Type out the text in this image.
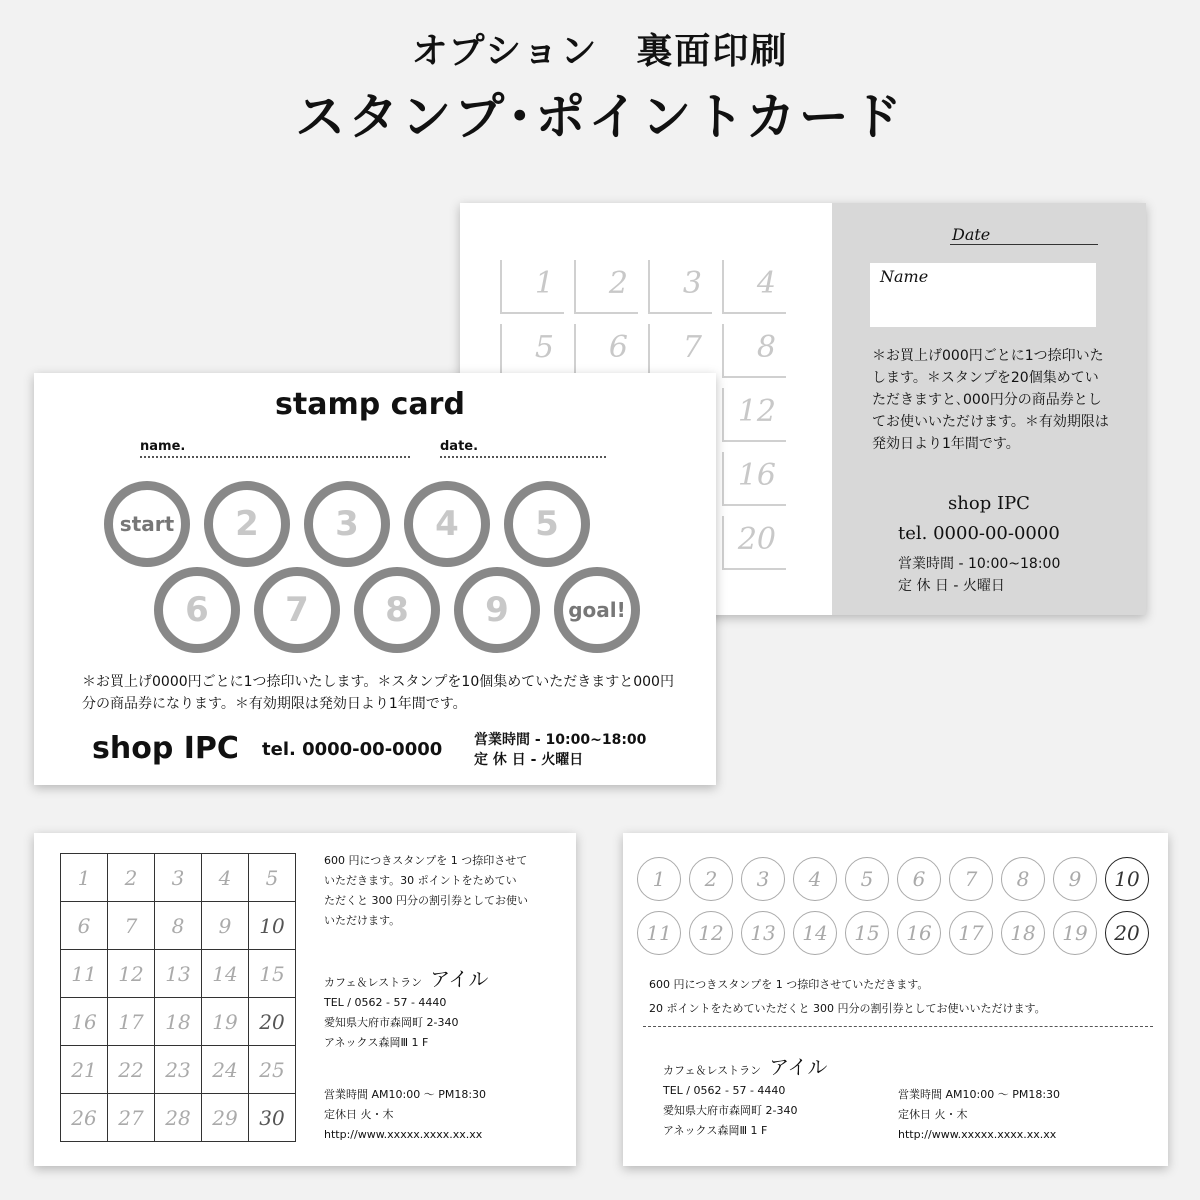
オプション　裏面印刷
スタンプ･ポイントカード
1 2 3 4
5 6 7 8
12
16
20
Date
Name
＊お買上げ000円ごとに1つ捺印いたします。＊スタンプを20個集めていただきますと､000円分の商品券としてお使いいただけます。＊有効期限は発効日より1年間です。
shop IPC
tel. 0000-00-0000
営業時間 - 10:00~18:00
定 休 日 - 火曜日
stamp card
name.	date.
start	2	3	4	5
6	7	8	9	goal!
＊お買上げ0000円ごとに1つ捺印いたします。＊スタンプを10個集めていただきますと000円分の商品券になります。＊有効期限は発効日より1年間です。
shop IPC tel. 0000-00-0000 営業時間 - 10:00~18:00
定 休 日 - 火曜日
1	2	3	4	5
6	7	8	9	10
11	12	13	14	15
16	17	18	19	20
21	22	23	24	25
26	27	28	29	30
600 円につきスタンプを 1 つ捺印させて
いただきます。30 ポイントをためてい
ただくと 300 円分の割引券としてお使い
いただけます。
カフェ＆レストラン アイル
TEL / 0562 - 57 - 4440
愛知県大府市森岡町 2-340
アネックス森岡Ⅲ 1 F
営業時間 AM10:00 〜 PM18:30
定休日 火・木
http://www.xxxxx.xxxx.xx.xx
1	2	3	4	5	6	7	8	9	10
11	12	13	14	15	16	17	18	19	20
600 円につきスタンプを 1 つ捺印させていただきます。
20 ポイントをためていただくと 300 円分の割引券としてお使いいただけます。
カフェ＆レストラン アイル
TEL / 0562 - 57 - 4440
愛知県大府市森岡町 2-340
アネックス森岡Ⅲ 1 F
営業時間 AM10:00 〜 PM18:30
定休日 火・木
http://www.xxxxx.xxxx.xx.xx
